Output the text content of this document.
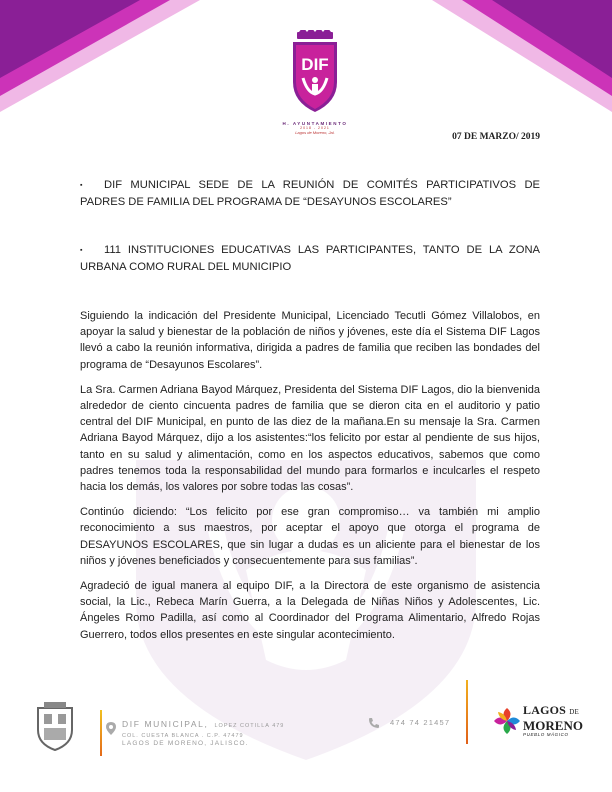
DIF
H. AYUNTAMIENTO
2018 - 2021
Lagos de Moreno, Jal.	07 DE MARZO/ 2019
▪ DIF MUNICIPAL SEDE DE LA REUNIÓN DE COMITÉS PARTICIPATIVOS DE PADRES DE FAMILIA DEL PROGRAMA DE “DESAYUNOS ESCOLARES”
▪ 111 INSTITUCIONES EDUCATIVAS LAS PARTICIPANTES, TANTO DE LA ZONA URBANA COMO RURAL DEL MUNICIPIO

Siguiendo la indicación del Presidente Municipal, Licenciado Tecutli Gómez Villalobos, en apoyar la salud y bienestar de la población de niños y jóvenes, este día el Sistema DIF Lagos llevó a cabo la reunión informativa, dirigida a padres de familia que reciben las bondades del programa de “Desayunos Escolares”.

La Sra. Carmen Adriana Bayod Márquez, Presidenta del Sistema DIF Lagos, dio la bienvenida alrededor de ciento cincuenta padres de familia que se dieron cita en el auditorio y patio central del DIF Municipal, en punto de las diez de la mañana.En su mensaje la Sra. Carmen Adriana Bayod Márquez, dijo a los asistentes:“los felicito por estar al pendiente de sus hijos, tanto en su salud y alimentación, como en los aspectos educativos, sabemos que como padres tenemos toda la responsabilidad del mundo para formarlos e inculcarles el respeto hacia los demás, los valores por sobre todas las cosas”.

Continúo diciendo: “Los felicito por ese gran compromiso… va también mi amplio reconocimiento a sus maestros, por aceptar el apoyo que otorga el programa de DESAYUNOS ESCOLARES, que sin lugar a dudas es un aliciente para el bienestar de los niños y jóvenes beneficiados y consecuentemente para sus familias”.

Agradeció de igual manera al equipo DIF, a la Directora de este organismo de asistencia social, la Lic., Rebeca Marín Guerra, a la Delegada de Niñas Niños y Adolescentes, Lic. Ángeles Romo Padilla, así como al Coordinador del Programa Alimentario, Alfredo Rojas Guerrero, todos ellos presentes en este singular acontecimiento.

DIF MUNICIPAL, LOPEZ COTILLA 479
COL. CUESTA BLANCA . C.P. 47479
LAGOS DE MORENO, JALISCO.
474 74 21457
LAGOS DE
MORENO
PUEBLO MÁGICO
